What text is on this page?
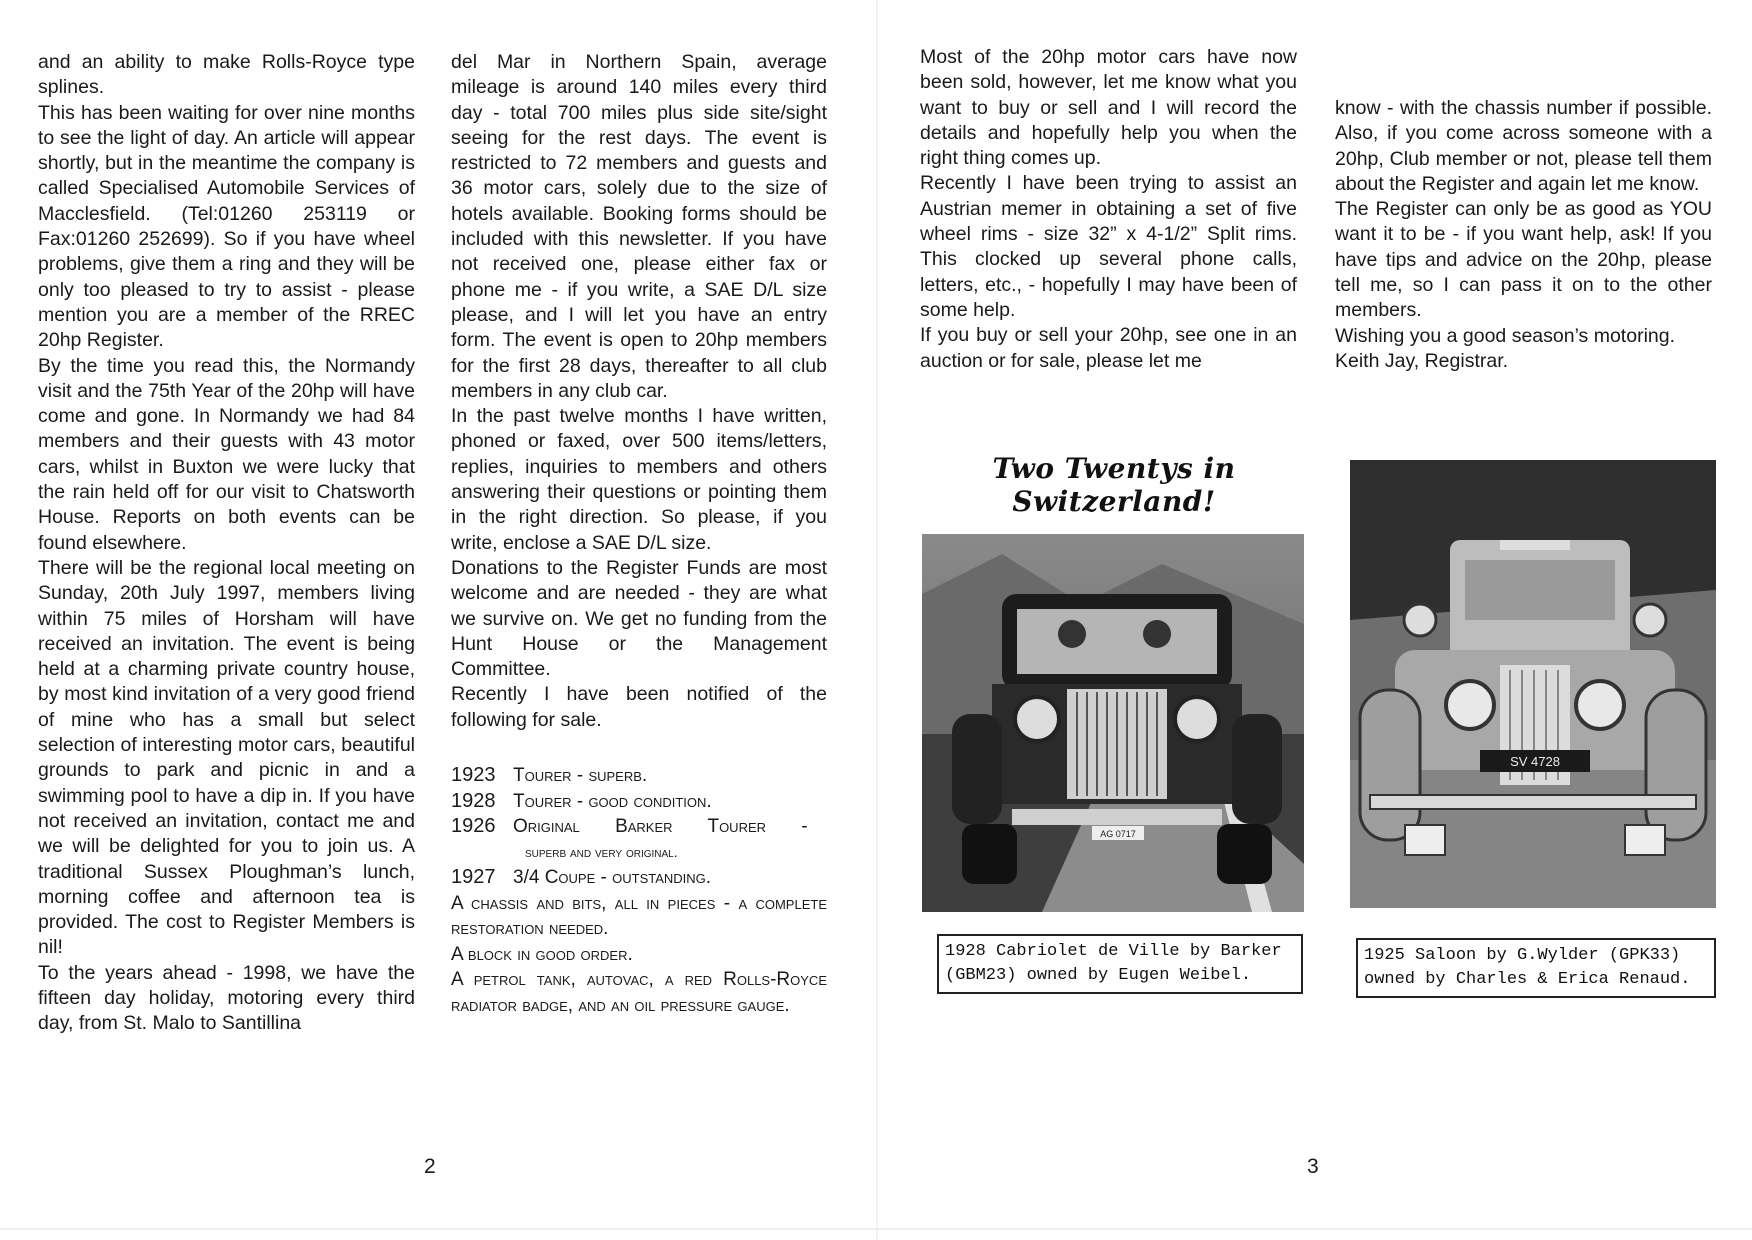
and an ability to make Rolls-Royce type splines.

This has been waiting for over nine months to see the light of day. An article will appear shortly, but in the meantime the company is called Specialised Automobile Services of Macclesfield. (Tel:01260 253119 or Fax:01260 252699). So if you have wheel problems, give them a ring and they will be only too pleased to try to assist - please mention you are a member of the RREC 20hp Register.

By the time you read this, the Normandy visit and the 75th Year of the 20hp will have come and gone. In Normandy we had 84 members and their guests with 43 motor cars, whilst in Buxton we were lucky that the rain held off for our visit to Chatsworth House. Reports on both events can be found elsewhere.

There will be the regional local meeting on Sunday, 20th July 1997, members living within 75 miles of Horsham will have received an invitation. The event is being held at a charming private country house, by most kind invitation of a very good friend of mine who has a small but select selection of interesting motor cars, beautiful grounds to park and picnic in and a swimming pool to have a dip in. If you have not received an invitation, contact me and we will be delighted for you to join us. A traditional Sussex Ploughman’s lunch, morning coffee and afternoon tea is provided. The cost to Register Members is nil!

To the years ahead - 1998, we have the fifteen day holiday, motoring every third day, from St. Malo to Santillina

del Mar in Northern Spain, average mileage is around 140 miles every third day - total 700 miles plus side site/sight seeing for the rest days. The event is restricted to 72 members and guests and 36 motor cars, solely due to the size of hotels available. Booking forms should be included with this newsletter. If you have not received one, please either fax or phone me - if you write, a SAE D/L size please, and I will let you have an entry form. The event is open to 20hp members for the first 28 days, thereafter to all club members in any club car.

In the past twelve months I have written, phoned or faxed, over 500 items/letters, replies, inquiries to members and others answering their questions or pointing them in the right direction. So please, if you write, enclose a SAE D/L size.

Donations to the Register Funds are most welcome and are needed - they are what we survive on. We get no funding from the Hunt House or the Management Committee.

Recently I have been notified of the following for sale.

1923 Tourer - superb.
1928 Tourer - good condition.
1926 Original Barker Tourer -
superb and very original.
1927 3/4 Coupe - outstanding.
A chassis and bits, all in pieces - a complete restoration needed.
A block in good order.
A petrol tank, autovac, a red Rolls-Royce radiator badge, and an oil pressure gauge.
2

Most of the 20hp motor cars have now been sold, however, let me know what you want to buy or sell and I will record the details and hopefully help you when the right thing comes up.

Recently I have been trying to assist an Austrian memer in obtaining a set of five wheel rims - size 32” x 4-1/2” Split rims. This clocked up several phone calls, letters, etc., - hopefully I may have been of some help.

If you buy or sell your 20hp, see one in an auction or for sale, please let me

know - with the chassis number if possible. Also, if you come across someone with a 20hp, Club member or not, please tell them about the Register and again let me know.

The Register can only be as good as YOU want it to be - if you want help, ask! If you have tips and advice on the 20hp, please tell me, so I can pass it on to the other members.

Wishing you a good season’s motoring.

Keith Jay, Registrar.

Two Twentys in Switzerland!
AG 0717
SV 4728
1928 Cabriolet de Ville by Barker (GBM23) owned by Eugen Weibel.
1925 Saloon by G.Wylder (GPK33) owned by Charles & Erica Renaud.
3
